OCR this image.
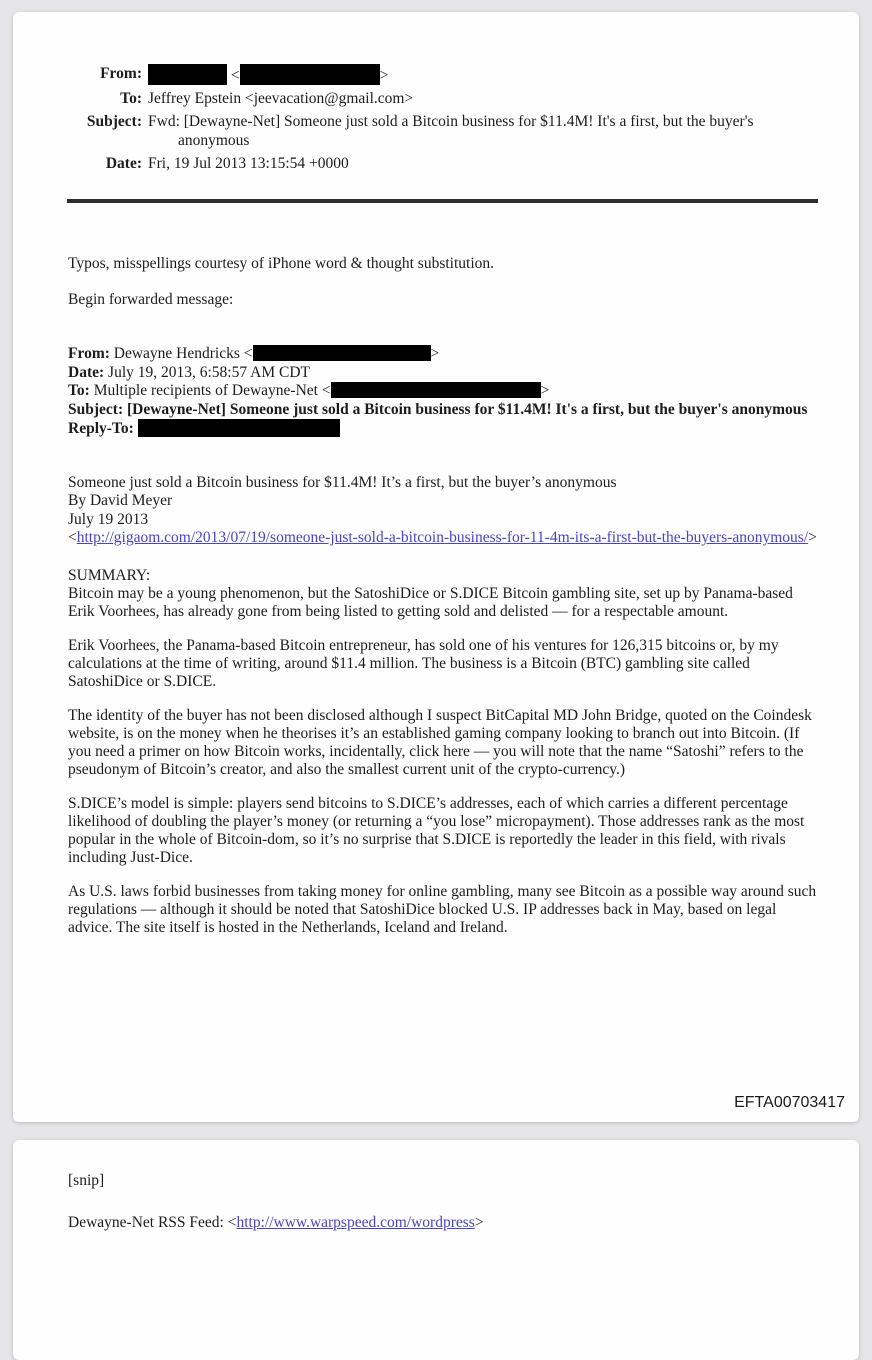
From:	<	>
To: Jeffrey Epstein <jeevacation@gmail.com>
Subject: Fwd: [Dewayne-Net] Someone just sold a Bitcoin business for $11.4M! It's a first, but the buyer's anonymous
Date: Fri, 19 Jul 2013 13:15:54 +0000

Typos, misspellings courtesy of iPhone word & thought substitution.

Begin forwarded message:

From: Dewayne Hendricks <	>
Date: July 19, 2013, 6:58:57 AM CDT
To: Multiple recipients of Dewayne-Net <	>
Subject: [Dewayne-Net] Someone just sold a Bitcoin business for $11.4M! It's a first, but the buyer's anonymous
Reply-To:
Someone just sold a Bitcoin business for $11.4M! It’s a first, but the buyer’s anonymous
By David Meyer
July 19 2013
<http://gigaom.com/2013/07/19/someone-just-sold-a-bitcoin-business-for-11-4m-its-a-first-but-the-buyers-anonymous/>
SUMMARY:
Bitcoin may be a young phenomenon, but the SatoshiDice or S.DICE Bitcoin gambling site, set up by Panama-based Erik Voorhees, has already gone from being listed to getting sold and delisted — for a respectable amount.

Erik Voorhees, the Panama-based Bitcoin entrepreneur, has sold one of his ventures for 126,315 bitcoins or, by my calculations at the time of writing, around $11.4 million. The business is a Bitcoin (BTC) gambling site called SatoshiDice or S.DICE.

The identity of the buyer has not been disclosed although I suspect BitCapital MD John Bridge, quoted on the Coindesk website, is on the money when he theorises it’s an established gaming company looking to branch out into Bitcoin. (If you need a primer on how Bitcoin works, incidentally, click here — you will note that the name “Satoshi” refers to the pseudonym of Bitcoin’s creator, and also the smallest current unit of the crypto-currency.)

S.DICE’s model is simple: players send bitcoins to S.DICE’s addresses, each of which carries a different percentage likelihood of doubling the player’s money (or returning a “you lose” micropayment). Those addresses rank as the most popular in the whole of Bitcoin-dom, so it’s no surprise that S.DICE is reportedly the leader in this field, with rivals including Just-Dice.

As U.S. laws forbid businesses from taking money for online gambling, many see Bitcoin as a possible way around such regulations — although it should be noted that SatoshiDice blocked U.S. IP addresses back in May, based on legal advice. The site itself is hosted in the Netherlands, Iceland and Ireland.

EFTA00703417

[snip]

Dewayne-Net RSS Feed: <http://www.warpspeed.com/wordpress>
